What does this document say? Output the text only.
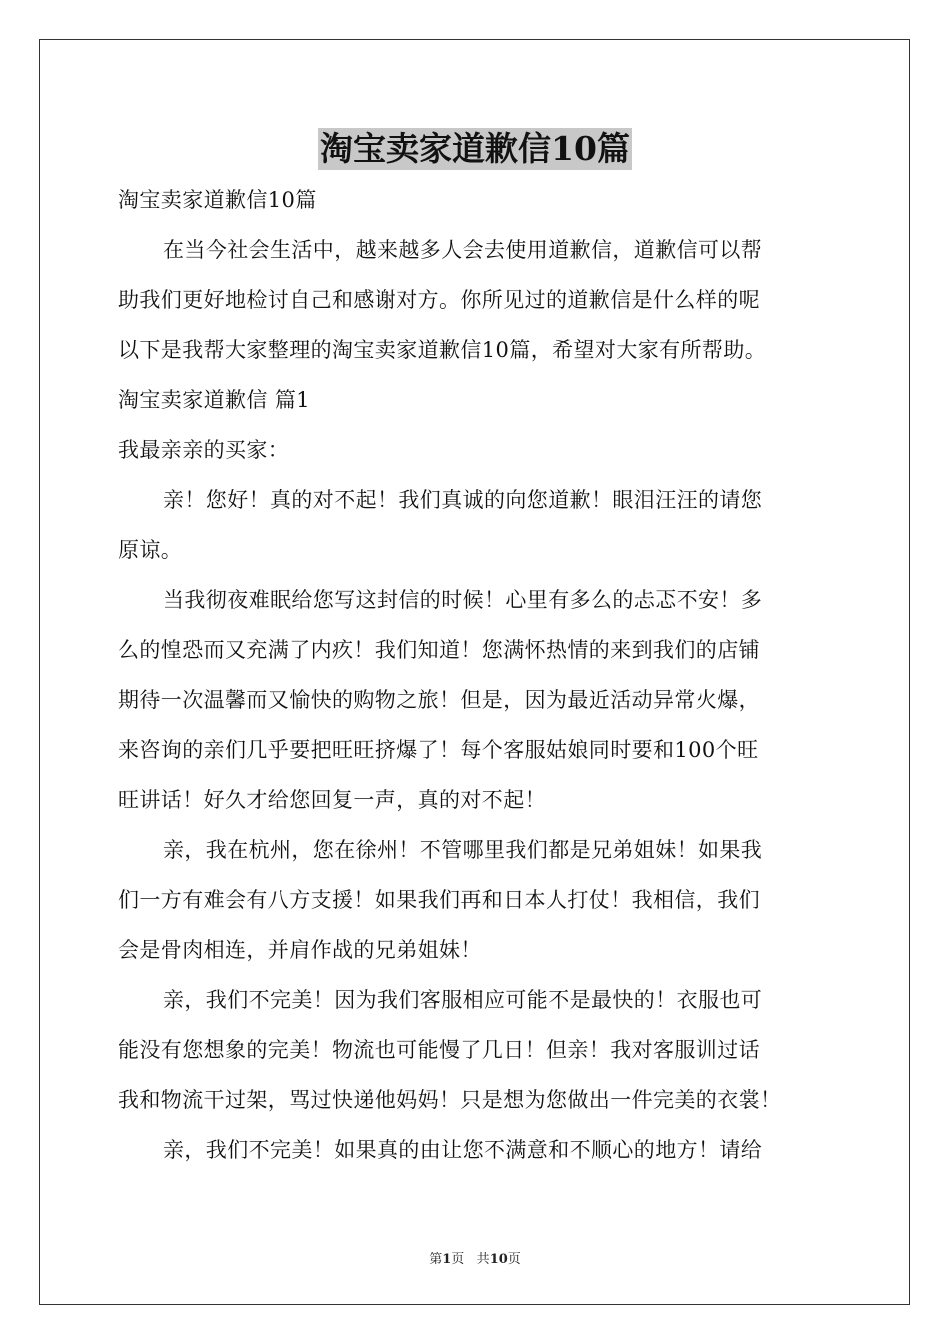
淘宝卖家道歉信10篇
淘宝卖家道歉信10篇
在当今社会生活中，越来越多人会去使用道歉信，道歉信可以帮
助我们更好地检讨自己和感谢对方。你所见过的道歉信是什么样的呢
以下是我帮大家整理的淘宝卖家道歉信10篇，希望对大家有所帮助。
淘宝卖家道歉信 篇1
我最亲亲的买家：
亲！您好！真的对不起！我们真诚的向您道歉！眼泪汪汪的请您
原谅。
当我彻夜难眠给您写这封信的时候！心里有多么的忐忑不安！多
么的惶恐而又充满了内疚！我们知道！您满怀热情的来到我们的店铺
期待一次温馨而又愉快的购物之旅！但是，因为最近活动异常火爆，
来咨询的亲们几乎要把旺旺挤爆了！每个客服姑娘同时要和100个旺
旺讲话！好久才给您回复一声，真的对不起！
亲，我在杭州，您在徐州！不管哪里我们都是兄弟姐妹！如果我
们一方有难会有八方支援！如果我们再和日本人打仗！我相信，我们
会是骨肉相连，并肩作战的兄弟姐妹！
亲，我们不完美！因为我们客服相应可能不是最快的！衣服也可
能没有您想象的完美！物流也可能慢了几日！但亲！我对客服训过话
我和物流干过架，骂过快递他妈妈！只是想为您做出一件完美的衣裳！
亲，我们不完美！如果真的由让您不满意和不顺心的地方！请给
第1页 共10页
